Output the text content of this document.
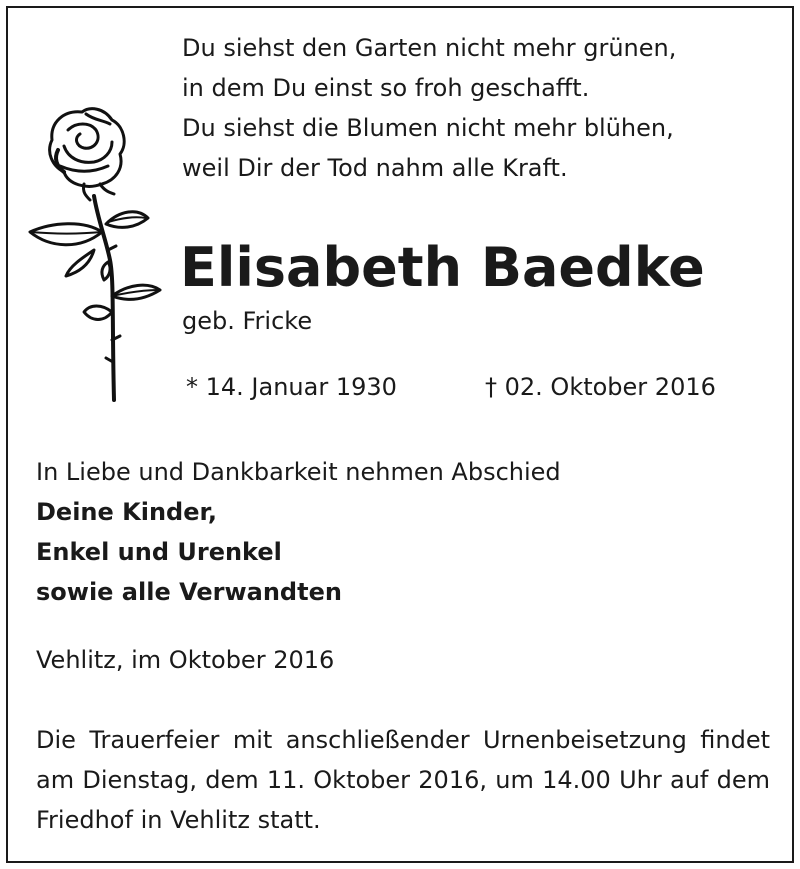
Du siehst den Garten nicht mehr grünen,
in dem Du einst so froh geschafft.
Du siehst die Blumen nicht mehr blühen,
weil Dir der Tod nahm alle Kraft.
Elisabeth Baedke
geb. Fricke
* 14. Januar 1930	† 02. Oktober 2016
In Liebe und Dankbarkeit nehmen Abschied
Deine Kinder,
Enkel und Urenkel
sowie alle Verwandten
Vehlitz, im Oktober 2016
Die Trauerfeier mit anschließender Urnenbeisetzung findet am Dienstag, dem 11. Oktober 2016, um 14.00 Uhr auf dem Friedhof in Vehlitz statt.
